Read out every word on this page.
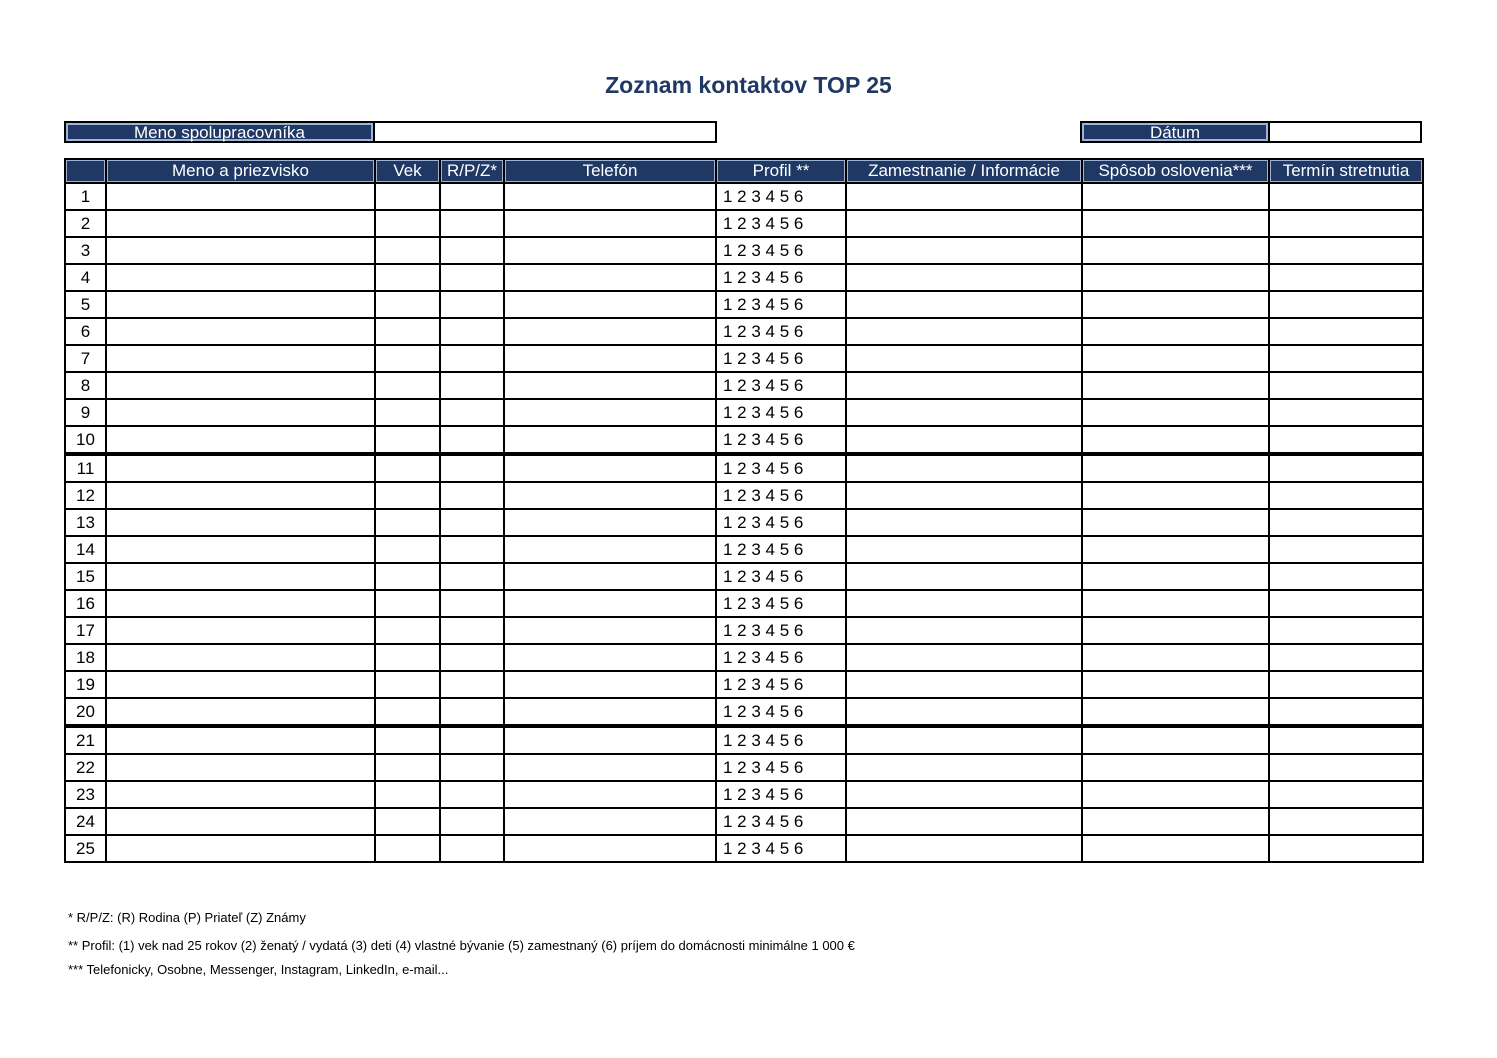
Zoznam kontaktov TOP 25
Meno spolupracovníka	Dátum
	Meno a priezvisko	Vek	R/P/Z*	Telefón	Profil **	Zamestnanie / Informácie	Spôsob oslovenia***	Termín stretnutia
1					1 2 3 4 5 6			
2					1 2 3 4 5 6			
3					1 2 3 4 5 6			
4					1 2 3 4 5 6			
5					1 2 3 4 5 6			
6					1 2 3 4 5 6			
7					1 2 3 4 5 6			
8					1 2 3 4 5 6			
9					1 2 3 4 5 6			
10					1 2 3 4 5 6			
11					1 2 3 4 5 6			
12					1 2 3 4 5 6			
13					1 2 3 4 5 6			
14					1 2 3 4 5 6			
15					1 2 3 4 5 6			
16					1 2 3 4 5 6			
17					1 2 3 4 5 6			
18					1 2 3 4 5 6			
19					1 2 3 4 5 6			
20					1 2 3 4 5 6			
21					1 2 3 4 5 6			
22					1 2 3 4 5 6			
23					1 2 3 4 5 6			
24					1 2 3 4 5 6			
25					1 2 3 4 5 6			
* R/P/Z: (R) Rodina (P) Priateľ (Z) Známy
** Profil: (1) vek nad 25 rokov (2) ženatý / vydatá (3) deti (4) vlastné bývanie (5) zamestnaný (6) príjem do domácnosti minimálne 1 000 €
*** Telefonicky, Osobne, Messenger, Instagram, LinkedIn, e-mail...
